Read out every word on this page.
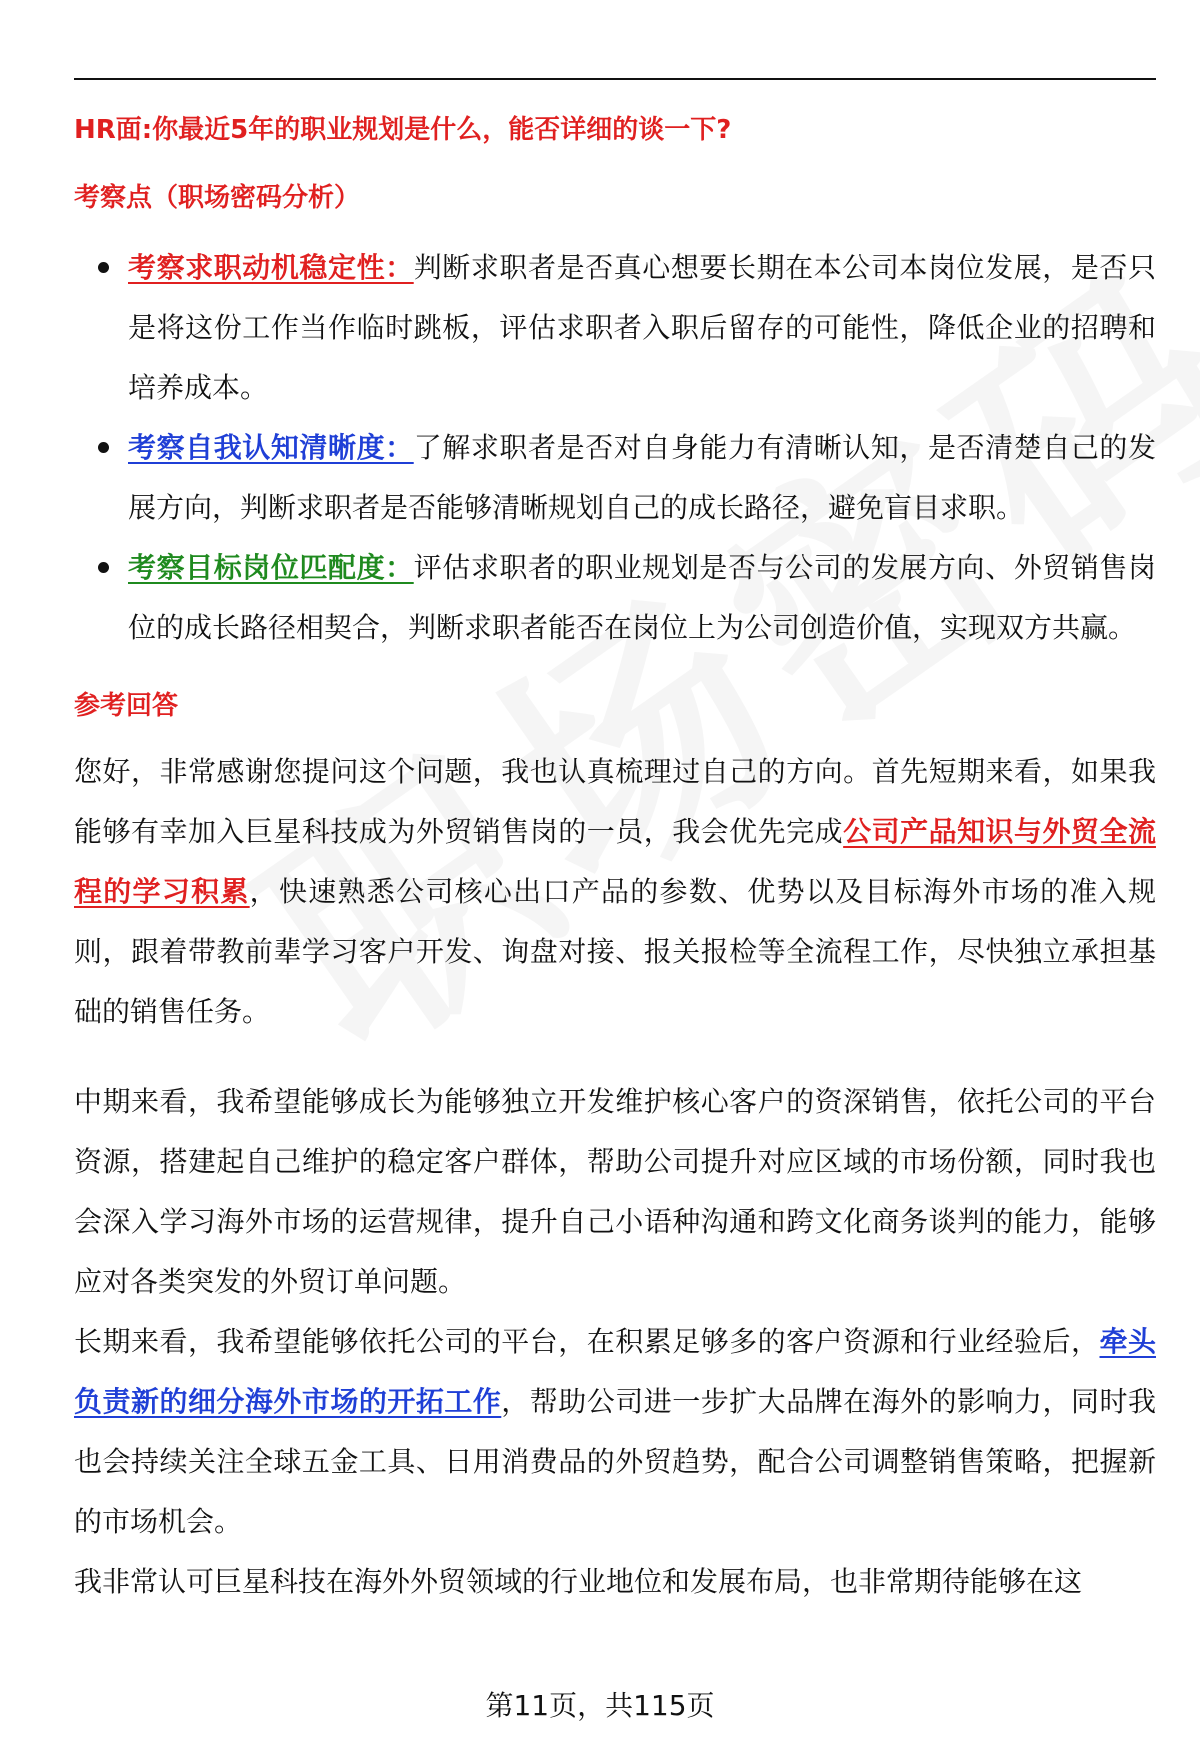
HR面:你最近5年的职业规划是什么，能否详细的谈一下?

考察点（职场密码分析）

考察求职动机稳定性：判断求职者是否真心想要长期在本公司本岗位发展，是否只是将这份工作当作临时跳板，评估求职者入职后留存的可能性，降低企业的招聘和培养成本。
考察自我认知清晰度：了解求职者是否对自身能力有清晰认知，是否清楚自己的发展方向，判断求职者是否能够清晰规划自己的成长路径，避免盲目求职。
考察目标岗位匹配度：评估求职者的职业规划是否与公司的发展方向、外贸销售岗位的成长路径相契合，判断求职者能否在岗位上为公司创造价值，实现双方共赢。

参考回答

您好，非常感谢您提问这个问题，我也认真梳理过自己的方向。首先短期来看，如果我能够有幸加入巨星科技成为外贸销售岗的一员，我会优先完成公司产品知识与外贸全流程的学习积累，快速熟悉公司核心出口产品的参数、优势以及目标海外市场的准入规则，跟着带教前辈学习客户开发、询盘对接、报关报检等全流程工作，尽快独立承担基础的销售任务。

中期来看，我希望能够成长为能够独立开发维护核心客户的资深销售，依托公司的平台资源，搭建起自己维护的稳定客户群体，帮助公司提升对应区域的市场份额，同时我也会深入学习海外市场的运营规律，提升自己小语种沟通和跨文化商务谈判的能力，能够应对各类突发的外贸订单问题。

长期来看，我希望能够依托公司的平台，在积累足够多的客户资源和行业经验后，牵头负责新的细分海外市场的开拓工作，帮助公司进一步扩大品牌在海外的影响力，同时我也会持续关注全球五金工具、日用消费品的外贸趋势，配合公司调整销售策略，把握新的市场机会。

我非常认可巨星科技在海外外贸领域的行业地位和发展布局，也非常期待能够在这

第11页，共115页
